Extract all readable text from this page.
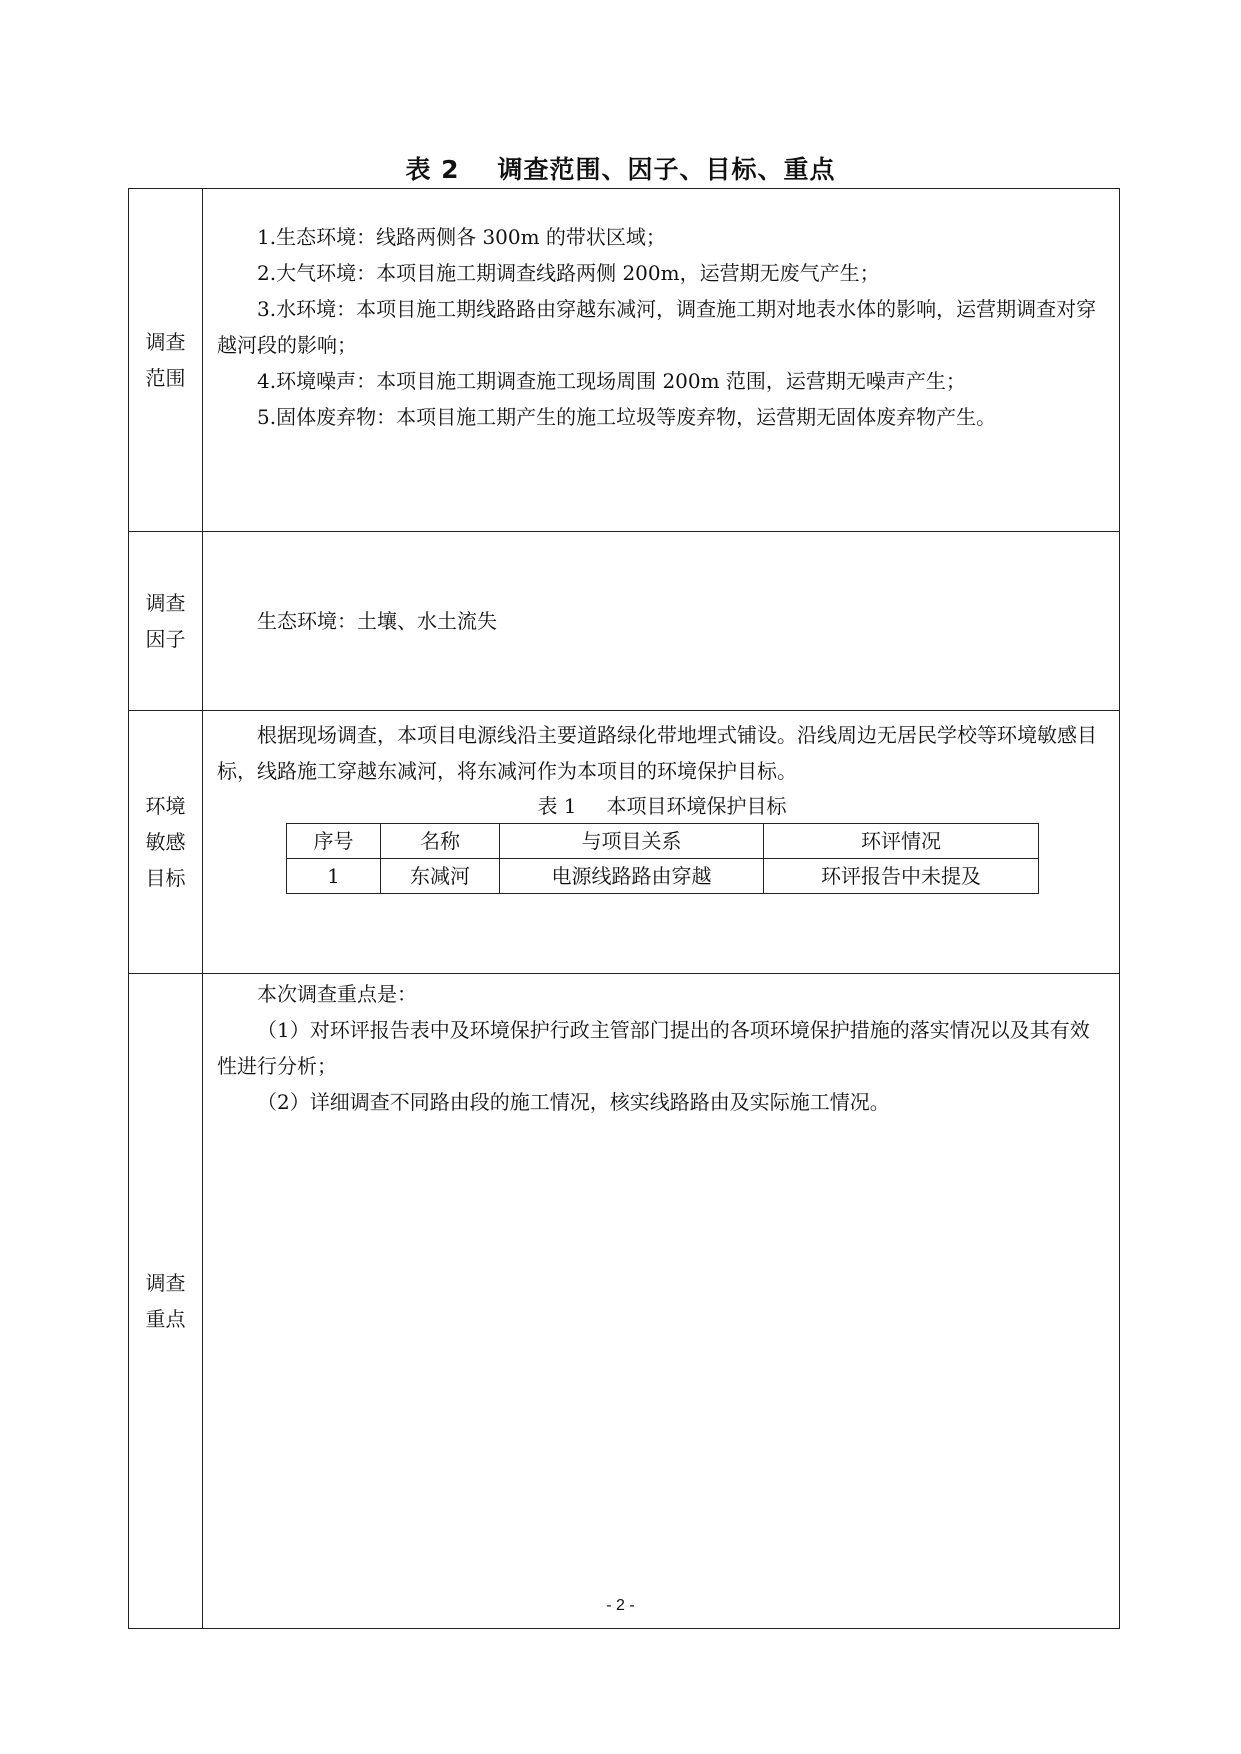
表 2 调查范围、因子、目标、重点
调查
范围

1.生态环境：线路两侧各 300m 的带状区域；

2.大气环境：本项目施工期调查线路两侧 200m，运营期无废气产生；

3.水环境：本项目施工期线路路由穿越东减河，调查施工期对地表水体的影响，运营期调查对穿越河段的影响；

4.环境噪声：本项目施工期调查施工现场周围 200m 范围，运营期无噪声产生；

5.固体废弃物：本项目施工期产生的施工垃圾等废弃物，运营期无固体废弃物产生。

调查
因子

生态环境：土壤、水土流失

环境
敏感
目标

根据现场调查，本项目电源线沿主要道路绿化带地埋式铺设。沿线周边无居民学校等环境敏感目标，线路施工穿越东减河，将东减河作为本项目的环境保护目标。

表 1 本项目环境保护目标
序号	名称	与项目关系	环评情况
1	东减河	电源线路路由穿越	环评报告中未提及

调查
重点

本次调查重点是：

（1）对环评报告表中及环境保护行政主管部门提出的各项环境保护措施的落实情况以及其有效性进行分析；

（2）详细调查不同路由段的施工情况，核实线路路由及实际施工情况。

- 2 -
